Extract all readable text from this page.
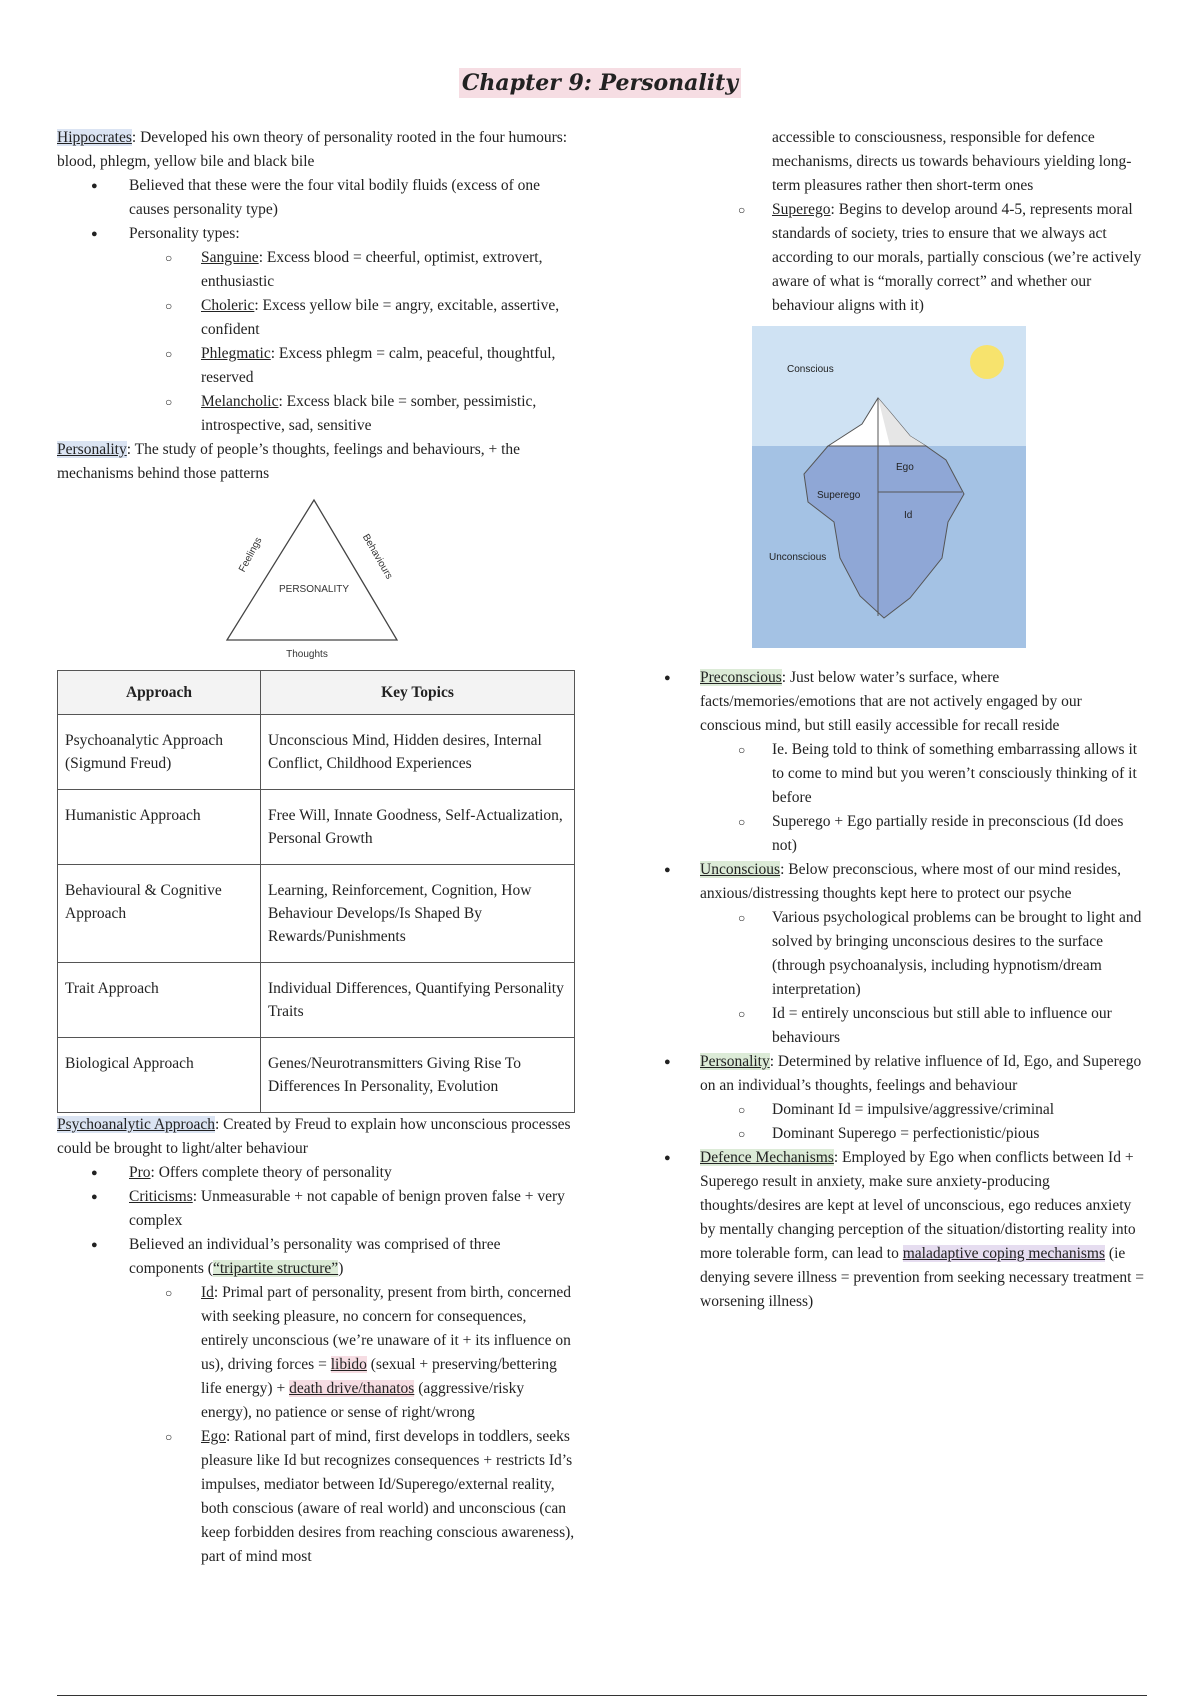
Chapter 9: Personality

Hippocrates: Developed his own theory of personality rooted in the four humours: blood, phlegm, yellow bile and black bile

● Believed that these were the four vital bodily fluids (excess of one causes personality type)
● Personality types:
○ Sanguine: Excess blood = cheerful, optimist, extrovert, enthusiastic
○ Choleric: Excess yellow bile = angry, excitable, assertive, confident
○ Phlegmatic: Excess phlegm = calm, peaceful, thoughtful, reserved
○ Melancholic: Excess black bile = somber, pessimistic, introspective, sad, sensitive

Personality: The study of people’s thoughts, feelings and behaviours, + the mechanisms behind those patterns

PERSONALITY
Feelings	Behaviours
Thoughts
Approach	Key Topics
Psychoanalytic Approach (Sigmund Freud)	Unconscious Mind, Hidden desires, Internal Conflict, Childhood Experiences
Humanistic Approach	Free Will, Innate Goodness, Self-Actualization, Personal Growth
Behavioural & Cognitive Approach	Learning, Reinforcement, Cognition, How Behaviour Develops/Is Shaped By Rewards/Punishments
Trait Approach	Individual Differences, Quantifying Personality Traits
Biological Approach	Genes/Neurotransmitters Giving Rise To Differences In Personality, Evolution

Psychoanalytic Approach: Created by Freud to explain how unconscious processes could be brought to light/alter behaviour

● Pro: Offers complete theory of personality
● Criticisms: Unmeasurable + not capable of benign proven false + very complex
● Believed an individual’s personality was comprised of three components (“tripartite structure”)
○ Id: Primal part of personality, present from birth, concerned with seeking pleasure, no concern for consequences, entirely unconscious (we’re unaware of it + its influence on us), driving forces = libido (sexual + preserving/bettering life energy) + death drive/thanatos (aggressive/risky energy), no patience or sense of right/wrong
○ Ego: Rational part of mind, first develops in toddlers, seeks pleasure like Id but recognizes consequences + restricts Id’s impulses, mediator between Id/Superego/external reality, both conscious (aware of real world) and unconscious (can keep forbidden desires from reaching conscious awareness), part of mind most
accessible to consciousness, responsible for defence mechanisms, directs us towards behaviours yielding long-term pleasures rather then short-term ones
○ Superego: Begins to develop around 4-5, represents moral standards of society, tries to ensure that we always act according to our morals, partially conscious (we’re actively aware of what is “morally correct” and whether our behaviour aligns with it)
Conscious
Ego
Superego
Id
Unconscious
● Preconscious: Just below water’s surface, where facts/memories/emotions that are not actively engaged by our conscious mind, but still easily accessible for recall reside
○ Ie. Being told to think of something embarrassing allows it to come to mind but you weren’t consciously thinking of it before
○ Superego + Ego partially reside in preconscious (Id does not)
● Unconscious: Below preconscious, where most of our mind resides, anxious/distressing thoughts kept here to protect our psyche
○ Various psychological problems can be brought to light and solved by bringing unconscious desires to the surface (through psychoanalysis, including hypnotism/dream interpretation)
○ Id = entirely unconscious but still able to influence our behaviours
● Personality: Determined by relative influence of Id, Ego, and Superego on an individual’s thoughts, feelings and behaviour
○ Dominant Id = impulsive/aggressive/criminal
○ Dominant Superego = perfectionistic/pious
● Defence Mechanisms: Employed by Ego when conflicts between Id + Superego result in anxiety, make sure anxiety-producing thoughts/desires are kept at level of unconscious, ego reduces anxiety by mentally changing perception of the situation/distorting reality into more tolerable form, can lead to maladaptive coping mechanisms (ie denying severe illness = prevention from seeking necessary treatment = worsening illness)
